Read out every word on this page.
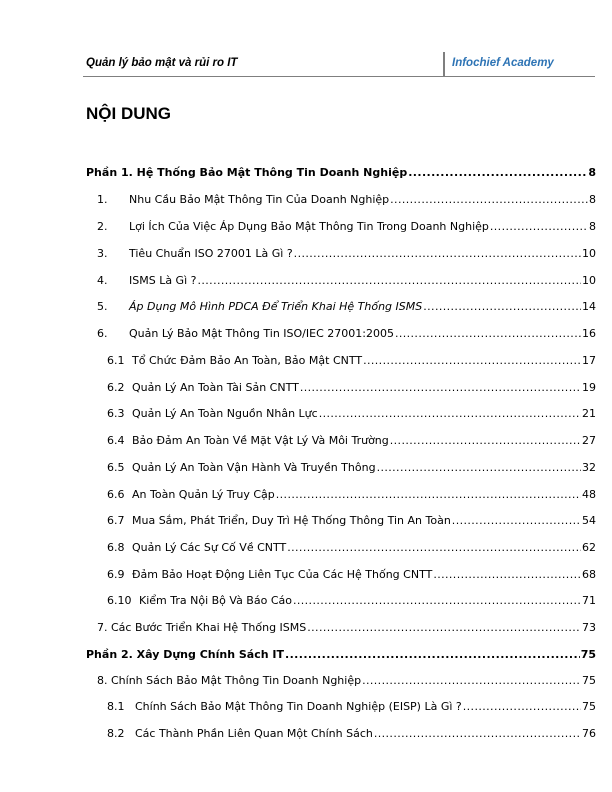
Quản lý bảo mật và rủi ro IT	Infochief Academy
NỘI DUNG
Phần 1. Hệ Thống Bảo Mật Thông Tin Doanh Nghiệp .....	8
1.	Nhu Cầu Bảo Mật Thông Tin Của Doanh Nghiệp .....	8
2.	Lợi Ích Của Việc Áp Dụng Bảo Mật Thông Tin Trong Doanh Nghiệp .....	8
3.	Tiêu Chuẩn ISO 27001 Là Gì ? .....	10
4.	ISMS Là Gì ? .....	10
5.	Áp Dụng Mô Hình PDCA Để Triển Khai Hệ Thống ISMS .....	14
6.	Quản Lý Bảo Mật Thông Tin ISO/IEC 27001:2005 .....	16
6.1 Tổ Chức Đảm Bảo An Toàn, Bảo Mật CNTT .....	17
6.2 Quản Lý An Toàn Tài Sản CNTT .....	19
6.3 Quản Lý An Toàn Nguồn Nhân Lực .....	21
6.4 Bảo Đảm An Toàn Về Mặt Vật Lý Và Môi Trường .....	27
6.5 Quản Lý An Toàn Vận Hành Và Truyền Thông .....	32
6.6 An Toàn Quản Lý Truy Cập .....	48
6.7 Mua Sắm, Phát Triển, Duy Trì Hệ Thống Thông Tin An Toàn .....	54
6.8 Quản Lý Các Sự Cố Về CNTT .....	62
6.9 Đảm Bảo Hoạt Động Liên Tục Của Các Hệ Thống CNTT .....	68
6.10 Kiểm Tra Nội Bộ Và Báo Cáo .....	71
7. Các Bước Triển Khai Hệ Thống ISMS .....	73
Phần 2. Xây Dựng Chính Sách IT .....	75
8. Chính Sách Bảo Mật Thông Tin Doanh Nghiệp .....	75
8.1 Chính Sách Bảo Mật Thông Tin Doanh Nghiệp (EISP) Là Gì ? .....	75
8.2 Các Thành Phần Liên Quan Một Chính Sách .....	76
